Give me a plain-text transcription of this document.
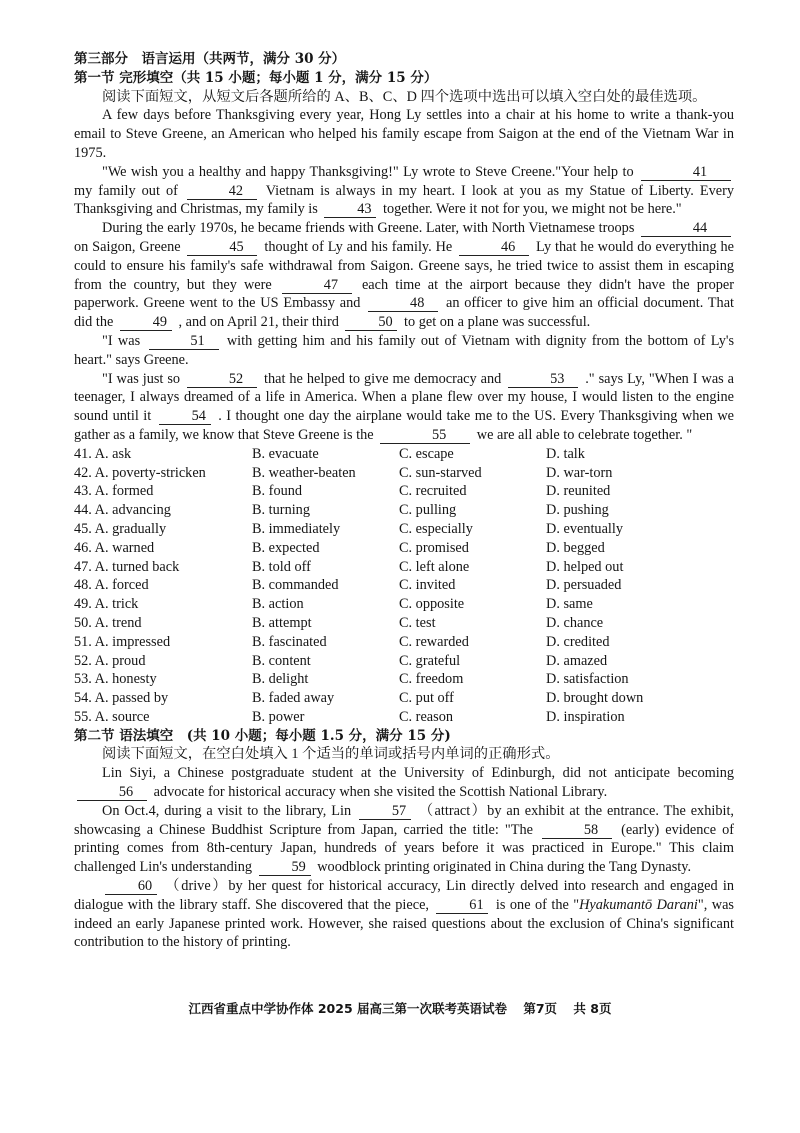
第三部分　语言运用（共两节，满分 30 分）

第一节 完形填空（共 15 小题；每小题 1 分，满分 15 分）

阅读下面短文，从短文后各题所给的 A、B、C、D 四个选项中选出可以填入空白处的最佳选项。

A few days before Thanksgiving every year, Hong Ly settles into a chair at his home to write a thank-you email to Steve Greene, an American who helped his family escape from Saigon at the end of the Vietnam War in 1975.

"We wish you a healthy and happy Thanksgiving!" Ly wrote to Steve Creene."Your help to	41 my family out of	42 Vietnam is always in my heart. I look at you as my Statue of Liberty. Every Thanksgiving and Christmas, my family is	43 together. Were it not for you, we might not be here."

During the early 1970s, he became friends with Greene. Later, with North Vietnamese troops	44 on Saigon, Greene	45 thought of Ly and his family. He	46 Ly that he would do everything he could to ensure his family's safe withdrawal from Saigon. Greene says, he tried twice to assist them in escaping from the country, but they were	47 each time at the airport because they didn't have the proper paperwork. Greene went to the US Embassy and	48 an officer to give him an official document. That did the	49 , and on April 21, their third	50 to get on a plane was successful.

"I was	51 with getting him and his family out of Vietnam with dignity from the bottom of Ly's heart." says Greene.

"I was just so	52 that he helped to give me democracy and	53 ." says Ly, "When I was a teenager, I always dreamed of a life in America. When a plane flew over my house, I would listen to the engine sound until it	54 . I thought one day the airplane would take me to the US. Every Thanksgiving when we gather as a family, we know that Steve Greene is the	55 we are all able to celebrate together. "

41. A. ask	B. evacuate	C. escape	D. talk
42. A. poverty-stricken	B. weather-beaten	C. sun-starved	D. war-torn
43. A. formed	B. found	C. recruited	D. reunited
44. A. advancing	B. turning	C. pulling	D. pushing
45. A. gradually	B. immediately	C. especially	D. eventually
46. A. warned	B. expected	C. promised	D. begged
47. A. turned back	B. told off	C. left alone	D. helped out
48. A. forced	B. commanded	C. invited	D. persuaded
49. A. trick	B. action	C. opposite	D. same
50. A. trend	B. attempt	C. test	D. chance
51. A. impressed	B. fascinated	C. rewarded	D. credited
52. A. proud	B. content	C. grateful	D. amazed
53. A. honesty	B. delight	C. freedom	D. satisfaction
54. A. passed by	B. faded away	C. put off	D. brought down
55. A. source	B. power	C. reason	D. inspiration

第二节 语法填空　(共 10 小题；每小题 1.5 分，满分 15 分)

阅读下面短文，在空白处填入 1 个适当的单词或括号内单词的正确形式。

Lin Siyi, a Chinese postgraduate student at the University of Edinburgh, did not anticipate becoming 56 advocate for historical accuracy when she visited the Scottish National Library.

On Oct.4, during a visit to the library, Lin	57 （attract）by an exhibit at the entrance. The exhibit, showcasing a Chinese Buddhist Scripture from Japan, carried the title: "The	58 (early) evidence of printing comes from 8th-century Japan, hundreds of years before it was practiced in Europe." This claim challenged Lin's understanding	59 woodblock printing originated in China during the Tang Dynasty.

60 （drive）by her quest for historical accuracy, Lin directly delved into research and engaged in dialogue with the library staff. She discovered that the piece,	61 is one of the "Hyakumantō Darani", was indeed an early Japanese printed work. However, she raised questions about the exclusion of China's significant contribution to the history of printing.

江西省重点中学协作体 2025 届高三第一次联考英语试卷 第7页 共 8页
